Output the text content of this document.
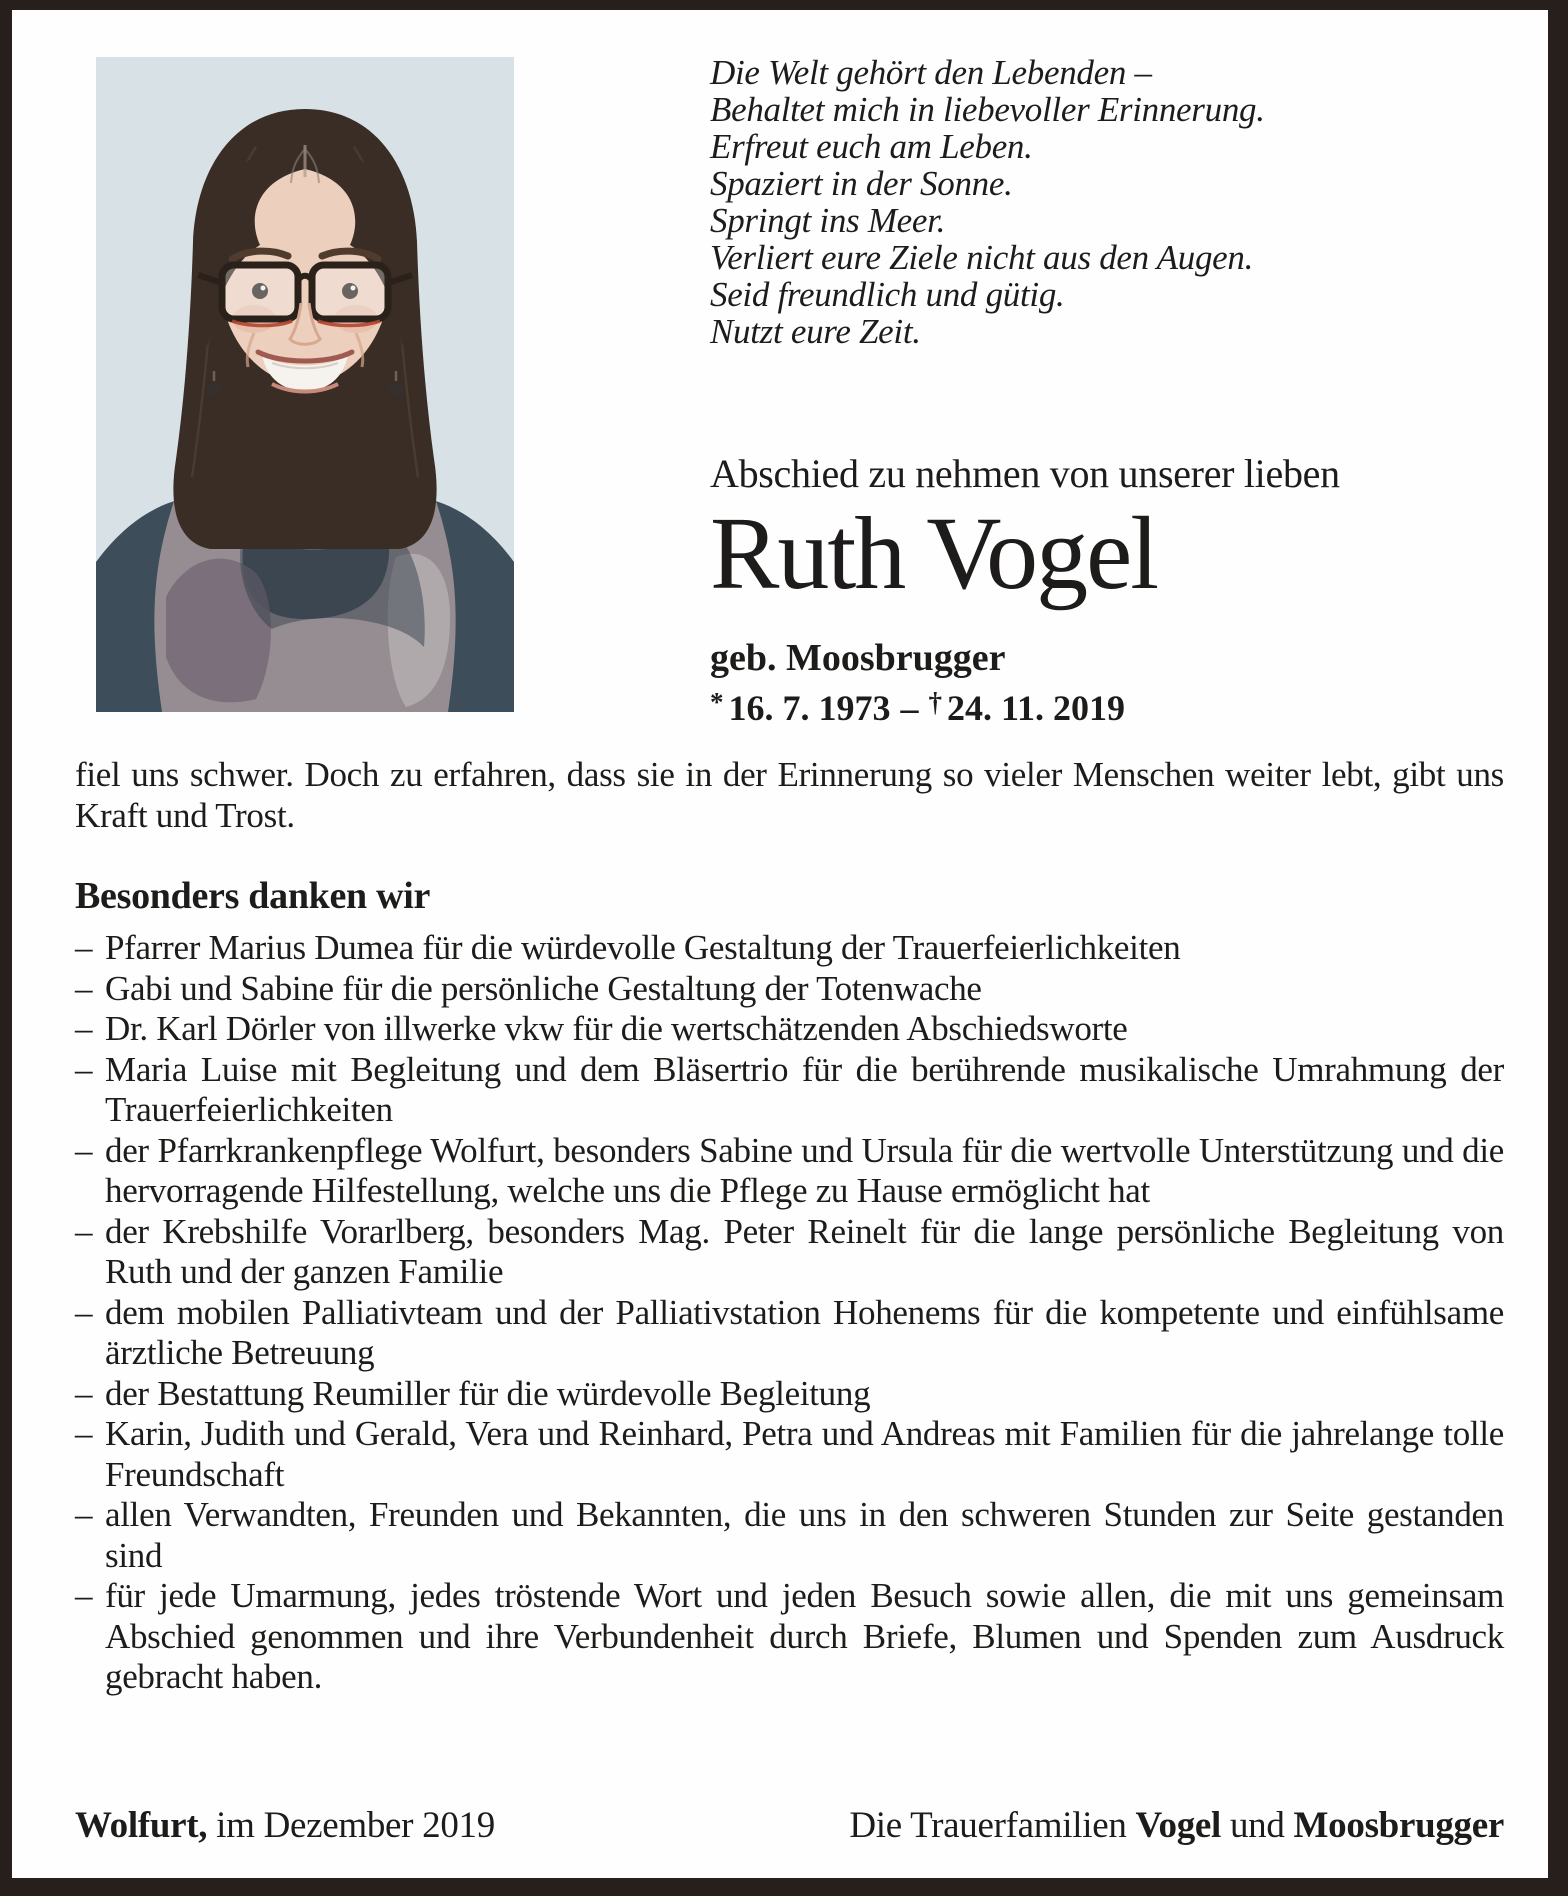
Die Welt gehört den Lebenden –
Behaltet mich in liebevoller Erinnerung.
Erfreut euch am Leben.
Spaziert in der Sonne.
Springt ins Meer.
Verliert eure Ziele nicht aus den Augen.
Seid freundlich und gütig.
Nutzt eure Zeit.
Abschied zu nehmen von unserer lieben
Ruth Vogel
geb. Moosbrugger
* 16. 7. 1973 – † 24. 11. 2019

fiel uns schwer. Doch zu erfahren, dass sie in der Erinnerung so vieler Menschen weiter lebt, gibt uns Kraft und Trost.

Besonders danken wir
– Pfarrer Marius Dumea für die würdevolle Gestaltung der Trauerfeierlichkeiten
– Gabi und Sabine für die persönliche Gestaltung der Totenwache
– Dr. Karl Dörler von illwerke vkw für die wertschätzenden Abschiedsworte
– Maria Luise mit Begleitung und dem Bläsertrio für die berührende musikalische Umrahmung der Trauerfeierlichkeiten
– der Pfarrkrankenpflege Wolfurt, besonders Sabine und Ursula für die wertvolle Unterstützung und die hervorragende Hilfestellung, welche uns die Pflege zu Hause ermöglicht hat
– der Krebshilfe Vorarlberg, besonders Mag. Peter Reinelt für die lange persönliche Begleitung von Ruth und der ganzen Familie
– dem mobilen Palliativteam und der Palliativstation Hohenems für die kompetente und einfühlsame ärztliche Betreuung
– der Bestattung Reumiller für die würdevolle Begleitung
– Karin, Judith und Gerald, Vera und Reinhard, Petra und Andreas mit Familien für die jahrelange tolle Freundschaft
– allen Verwandten, Freunden und Bekannten, die uns in den schweren Stunden zur Seite gestanden sind
– für jede Umarmung, jedes tröstende Wort und jeden Besuch sowie allen, die mit uns gemeinsam Abschied genommen und ihre Verbundenheit durch Briefe, Blumen und Spenden zum Ausdruck gebracht haben.
Wolfurt, im Dezember 2019	Die Trauerfamilien Vogel und Moosbrugger
